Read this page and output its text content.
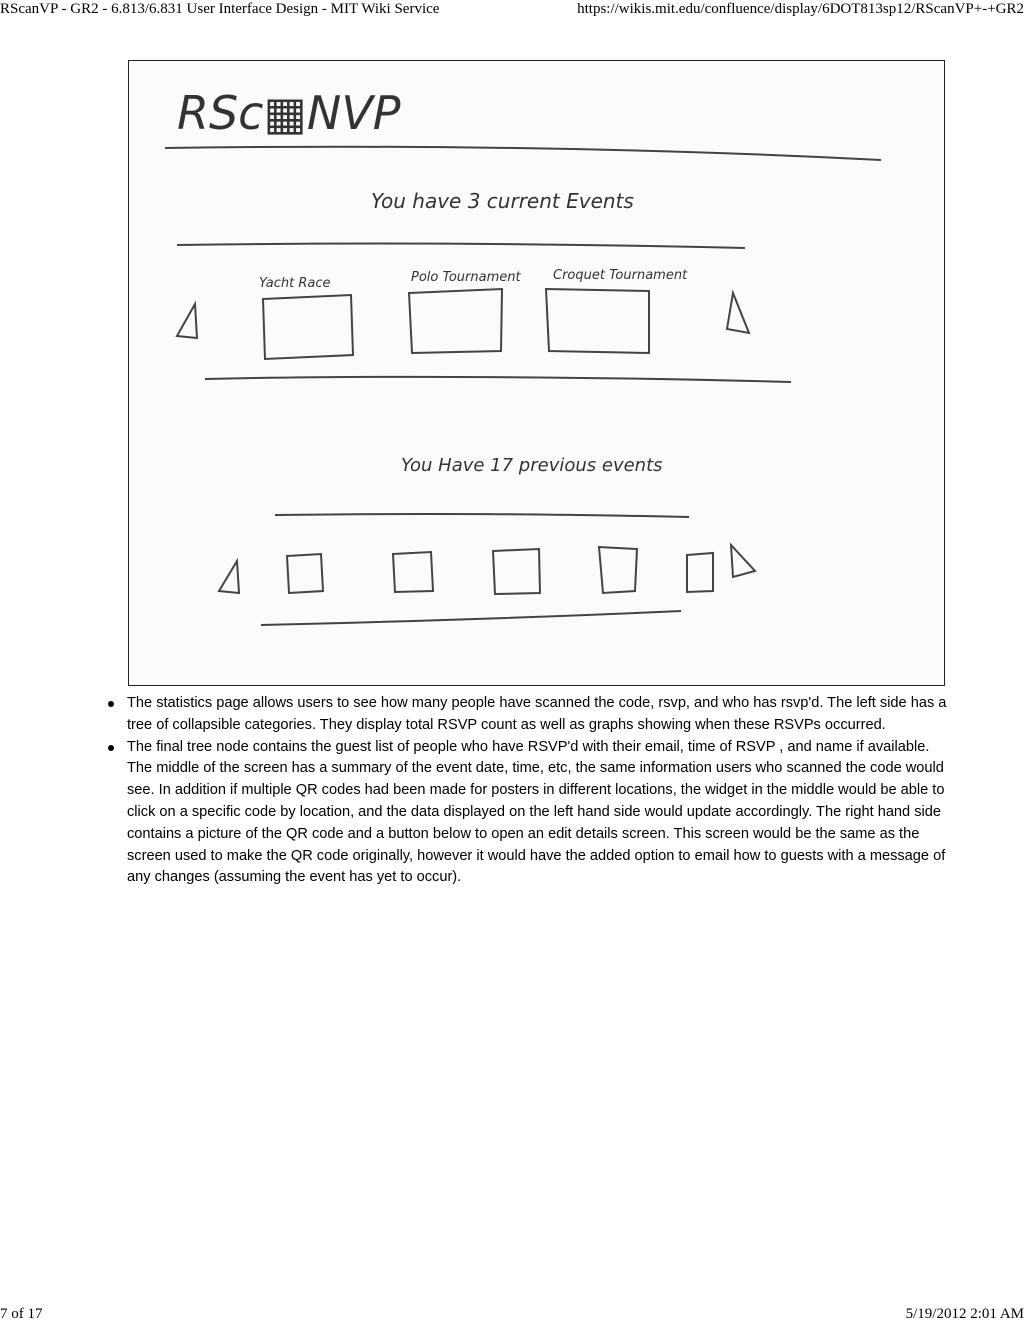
RScanVP - GR2 - 6.813/6.831 User Interface Design - MIT Wiki Service	https://wikis.mit.edu/confluence/display/6DOT813sp12/RScanVP+-+GR2
RSc▦NVP
You have 3 current Events
Yacht Race	Polo Tournament Croquet Tournament
You Have 17 previous events
The statistics page allows users to see how many people have scanned the code, rsvp, and who has rsvp'd. The left side has a tree of collapsible categories. They display total RSVP count as well as graphs showing when these RSVPs occurred.
The final tree node contains the guest list of people who have RSVP'd with their email, time of RSVP , and name if available. The middle of the screen has a summary of the event date, time, etc, the same information users who scanned the code would see. In addition if multiple QR codes had been made for posters in different locations, the widget in the middle would be able to click on a specific code by location, and the data displayed on the left hand side would update accordingly. The right hand side contains a picture of the QR code and a button below to open an edit details screen. This screen would be the same as the screen used to make the QR code originally, however it would have the added option to email how to guests with a message of any changes (assuming the event has yet to occur).
7 of 17	5/19/2012 2:01 AM
